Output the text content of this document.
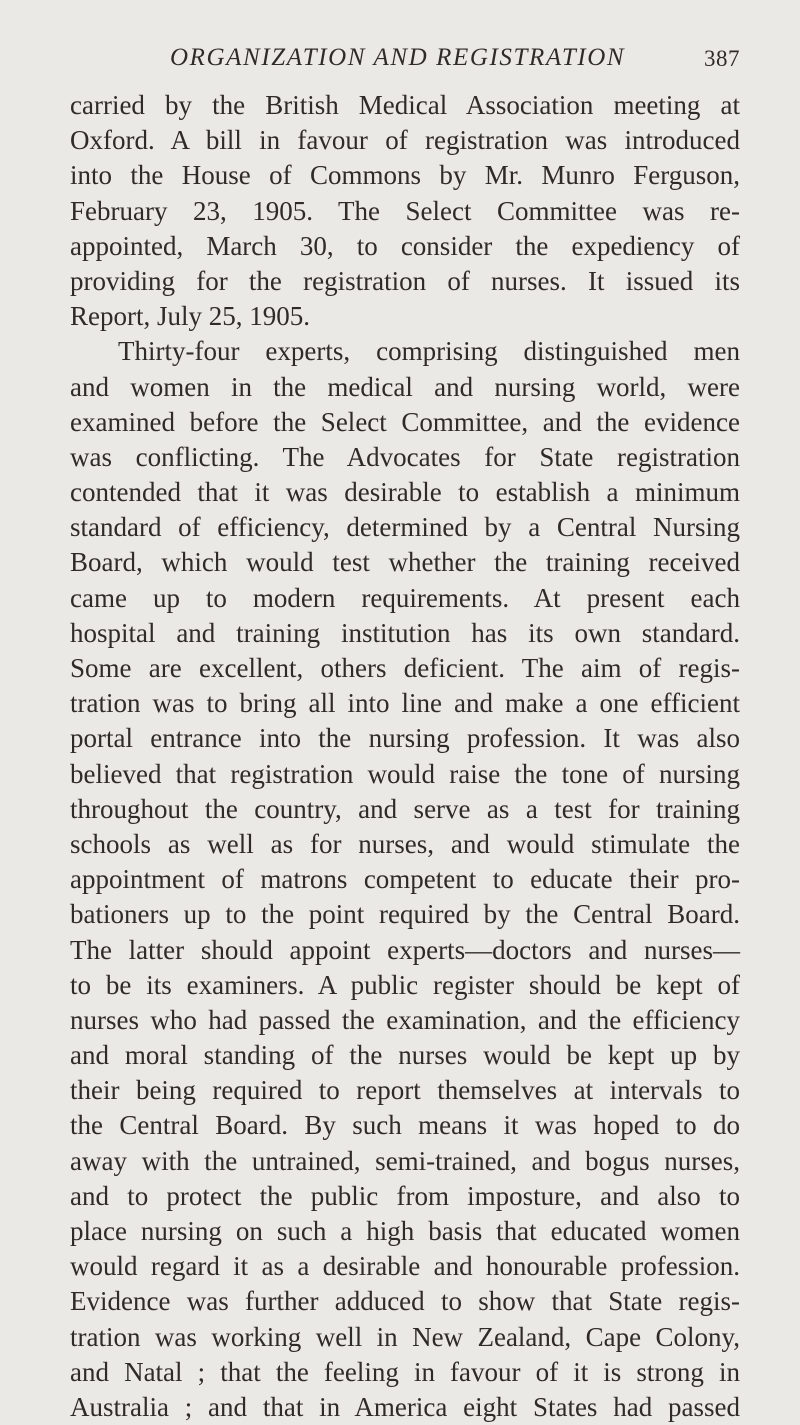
ORGANIZATION AND REGISTRATION	387
carried by the British Medical Association meeting at
Oxford. A bill in favour of registration was introduced
into the House of Commons by Mr. Munro Ferguson,
February 23, 1905. The Select Committee was re-
appointed, March 30, to consider the expediency of
providing for the registration of nurses. It issued its
Report, July 25, 1905.
Thirty-four experts, comprising distinguished men
and women in the medical and nursing world, were
examined before the Select Committee, and the evidence
was conflicting. The Advocates for State registration
contended that it was desirable to establish a minimum
standard of efficiency, determined by a Central Nursing
Board, which would test whether the training received
came up to modern requirements. At present each
hospital and training institution has its own standard.
Some are excellent, others deficient. The aim of regis-
tration was to bring all into line and make a one efficient
portal entrance into the nursing profession. It was also
believed that registration would raise the tone of nursing
throughout the country, and serve as a test for training
schools as well as for nurses, and would stimulate the
appointment of matrons competent to educate their pro-
bationers up to the point required by the Central Board.
The latter should appoint experts—doctors and nurses—
to be its examiners. A public register should be kept of
nurses who had passed the examination, and the efficiency
and moral standing of the nurses would be kept up by
their being required to report themselves at intervals to
the Central Board. By such means it was hoped to do
away with the untrained, semi-trained, and bogus nurses,
and to protect the public from imposture, and also to
place nursing on such a high basis that educated women
would regard it as a desirable and honourable profession.
Evidence was further adduced to show that State regis-
tration was working well in New Zealand, Cape Colony,
and Natal ; that the feeling in favour of it is strong in
Australia ; and that in America eight States had passed
